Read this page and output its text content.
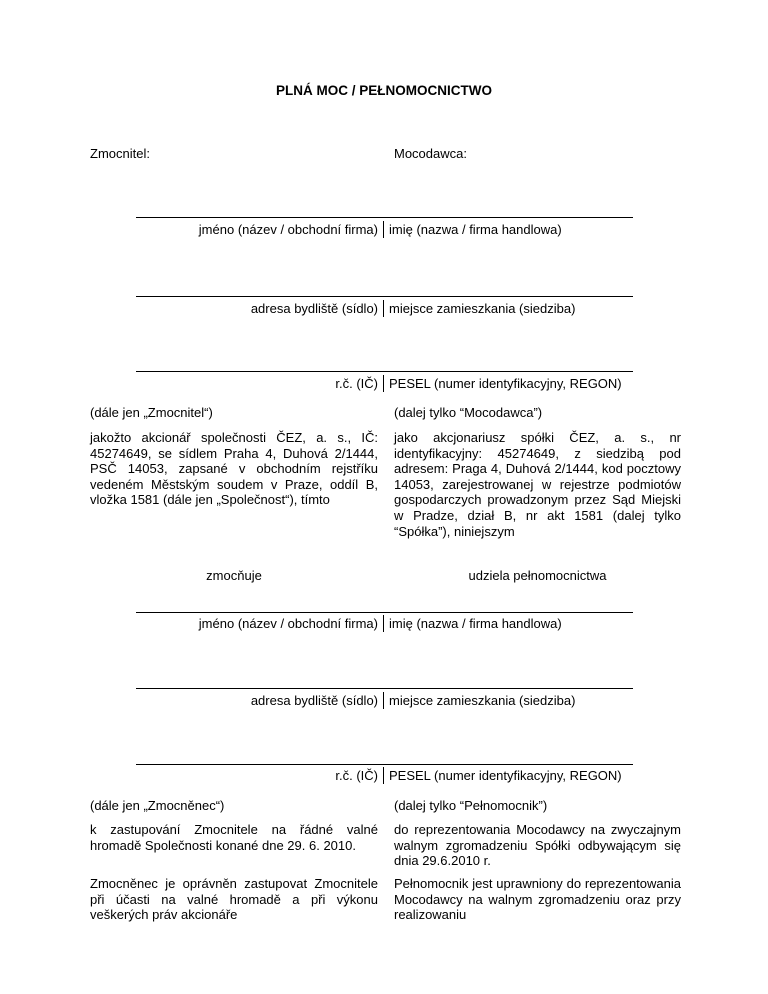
PLNÁ MOC / PEŁNOMOCNICTWO
Zmocnitel:	Mocodawca:
jméno (název / obchodní firma) imię (nazwa / firma handlowa)
adresa bydliště (sídlo) miejsce zamieszkania (siedziba)
r.č. (IČ) PESEL (numer identyfikacyjny, REGON)
(dále jen „Zmocnitel“)	(dalej tylko “Mocodawca”)
jakožto akcionář společnosti ČEZ, a. s., IČ: 45274649, se sídlem Praha 4, Duhová 2/1444, PSČ 14053, zapsané v obchodním rejstříku vedeném Městským soudem v Praze, oddíl B, vložka 1581 (dále jen „Společnost“), tímto
jako akcjonariusz spółki ČEZ, a. s., nr identyfikacyjny: 45274649, z siedzibą pod adresem: Praga 4, Duhová 2/1444, kod pocztowy 14053, zarejestrowanej w rejestrze podmiotów gospodarczych prowadzonym przez Sąd Miejski w Pradze, dział B, nr akt 1581 (dalej tylko “Spółka”), niniejszym
zmocňuje	udziela pełnomocnictwa
jméno (název / obchodní firma) imię (nazwa / firma handlowa)
adresa bydliště (sídlo) miejsce zamieszkania (siedziba)
r.č. (IČ) PESEL (numer identyfikacyjny, REGON)
(dále jen „Zmocněnec“)	(dalej tylko “Pełnomocnik”)
k zastupování Zmocnitele na řádné valné hromadě Společnosti konané dne 29. 6. 2010.
do reprezentowania Mocodawcy na zwyczajnym walnym zgromadzeniu Spółki odbywającym się dnia 29.6.2010 r.
Zmocněnec je oprávněn zastupovat Zmocnitele při účasti na valné hromadě a při výkonu veškerých práv akcionáře
Pełnomocnik jest uprawniony do reprezentowania Mocodawcy na walnym zgromadzeniu oraz przy realizowaniu
